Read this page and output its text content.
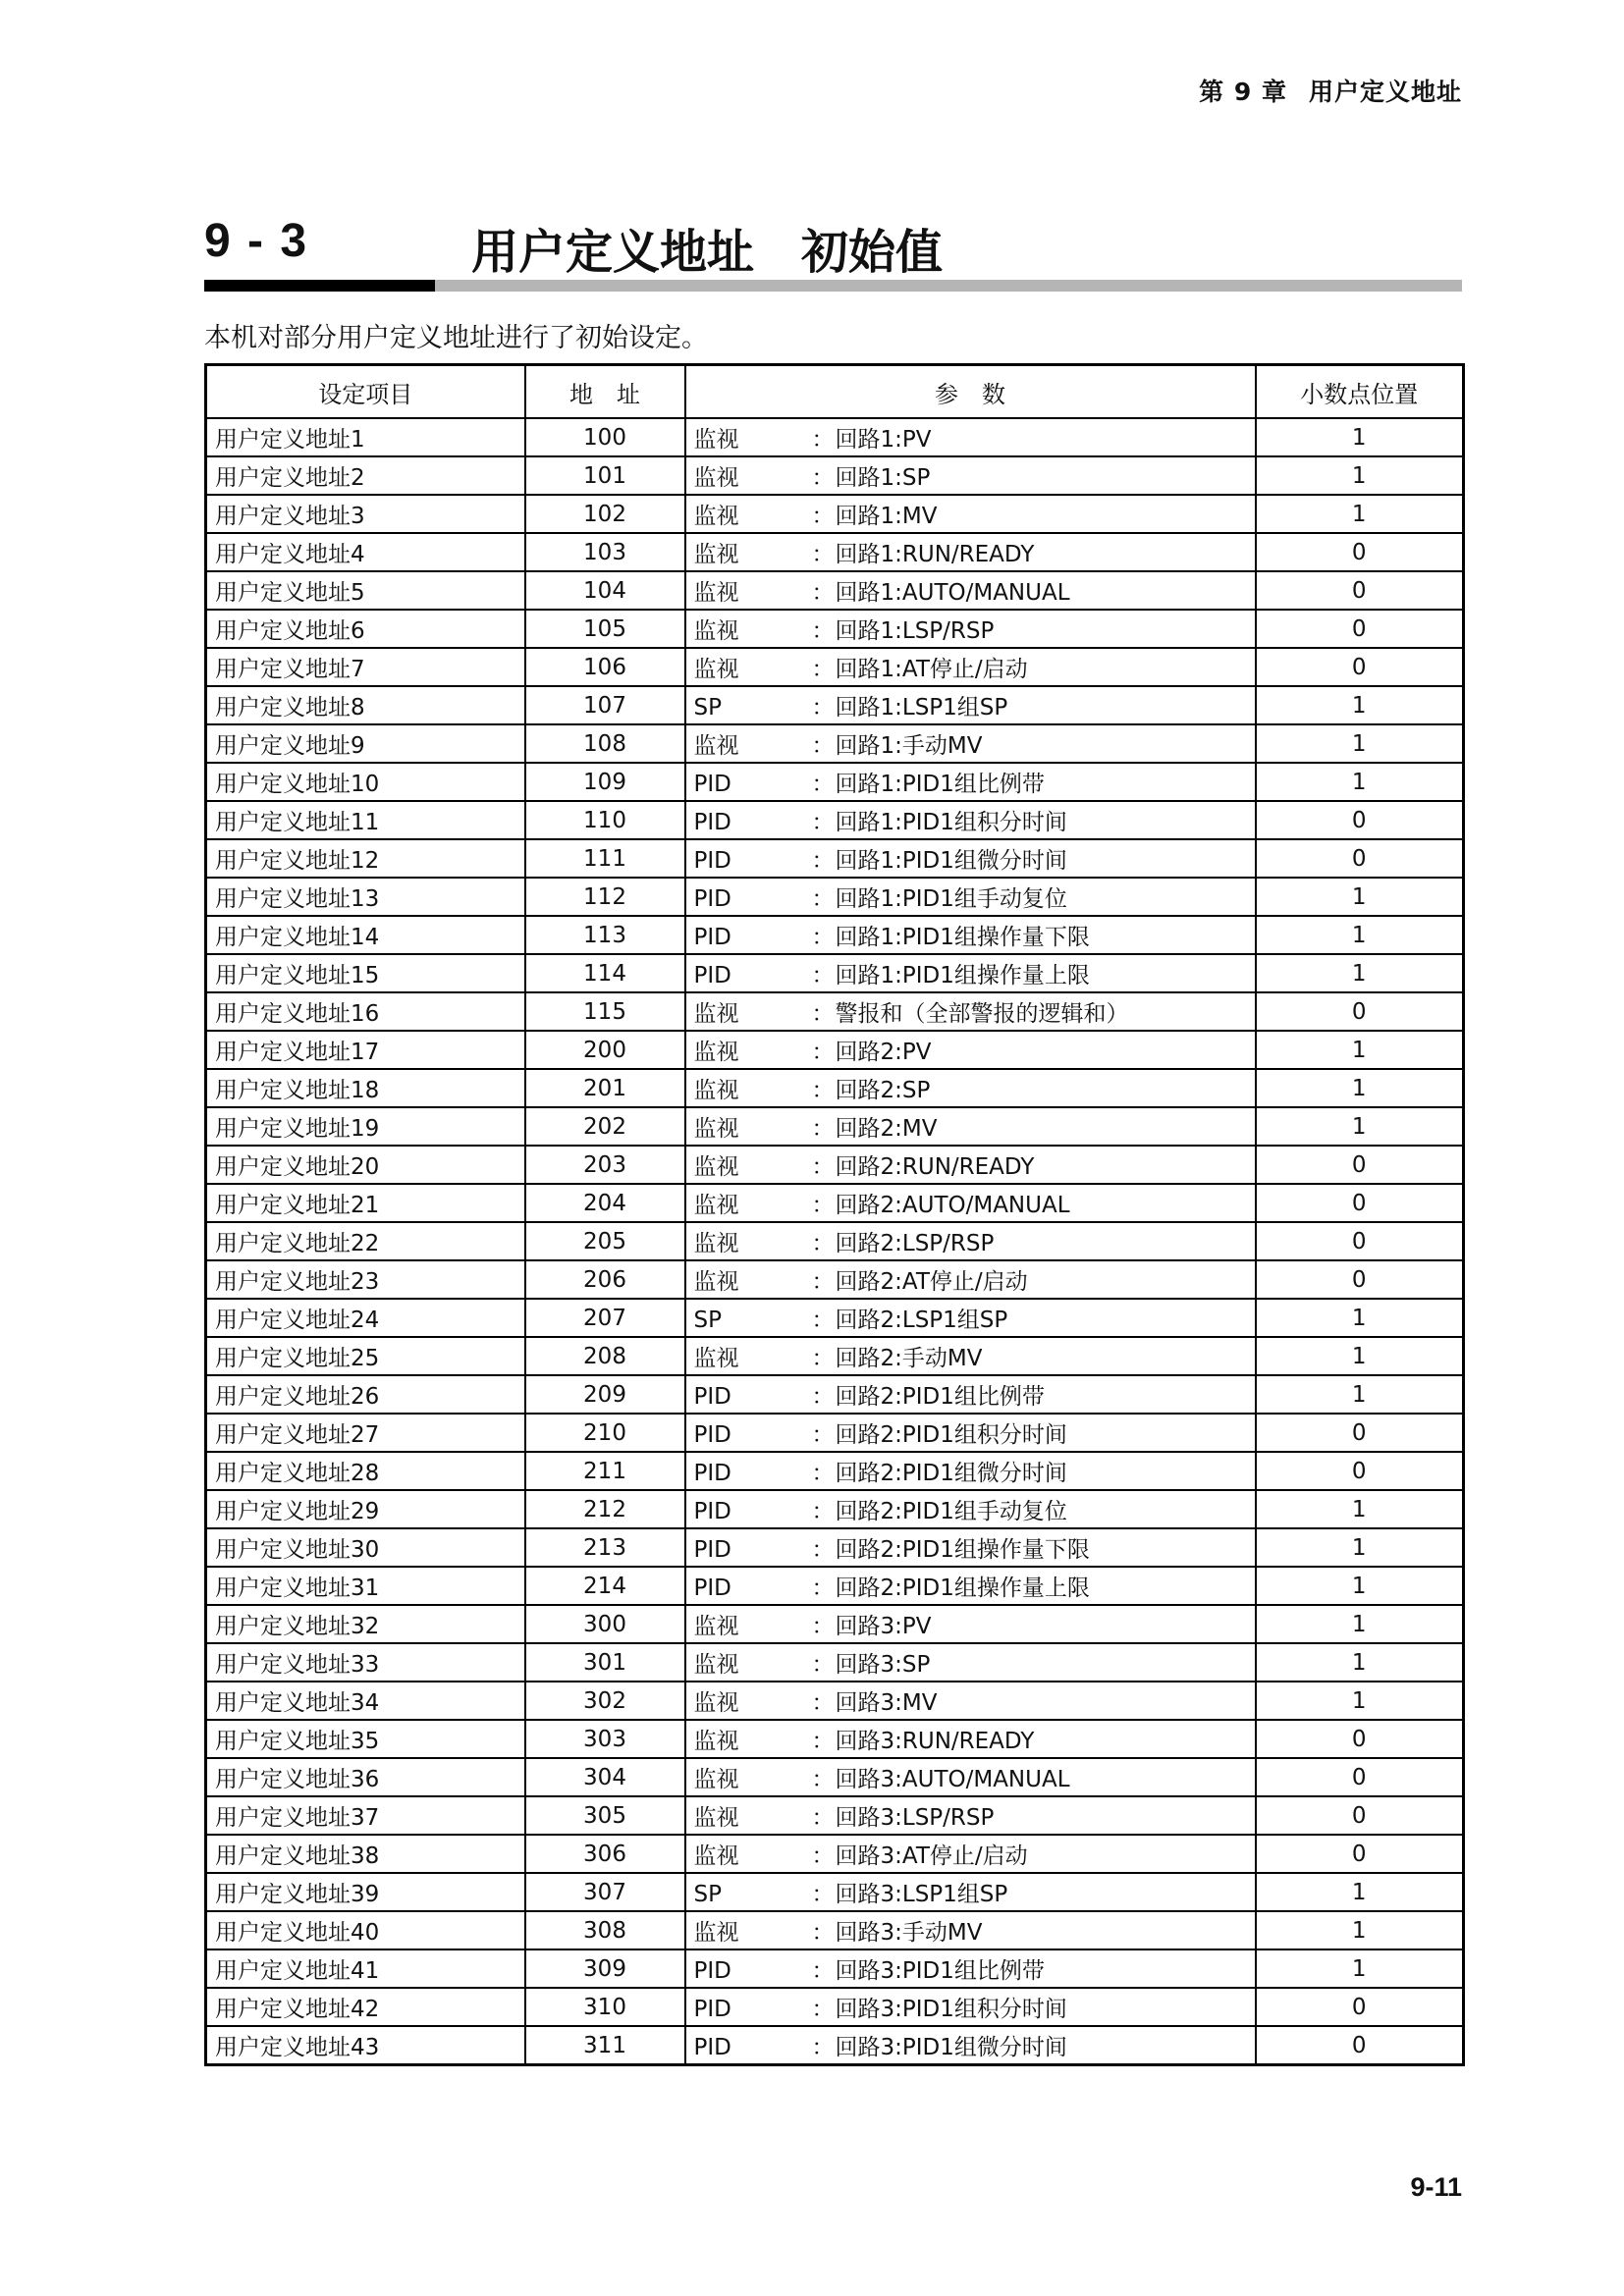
第 9 章 用户定义地址
9 - 3	用户定义地址　初始值
本机对部分用户定义地址进行了初始设定。
设定项目	地　址	参　数	小数点位置
用户定义地址1	100	监视 ：回路1:PV	1
用户定义地址2	101	监视 ：回路1:SP	1
用户定义地址3	102	监视 ：回路1:MV	1
用户定义地址4	103	监视 ：回路1:RUN/READY	0
用户定义地址5	104	监视 ：回路1:AUTO/MANUAL	0
用户定义地址6	105	监视 ：回路1:LSP/RSP	0
用户定义地址7	106	监视 ：回路1:AT停止/启动	0
用户定义地址8	107	SP ：回路1:LSP1组SP	1
用户定义地址9	108	监视 ：回路1:手动MV	1
用户定义地址10	109	PID ：回路1:PID1组比例带	1
用户定义地址11	110	PID ：回路1:PID1组积分时间	0
用户定义地址12	111	PID ：回路1:PID1组微分时间	0
用户定义地址13	112	PID ：回路1:PID1组手动复位	1
用户定义地址14	113	PID ：回路1:PID1组操作量下限	1
用户定义地址15	114	PID ：回路1:PID1组操作量上限	1
用户定义地址16	115	监视 ：警报和（全部警报的逻辑和）	0
用户定义地址17	200	监视 ：回路2:PV	1
用户定义地址18	201	监视 ：回路2:SP	1
用户定义地址19	202	监视 ：回路2:MV	1
用户定义地址20	203	监视 ：回路2:RUN/READY	0
用户定义地址21	204	监视 ：回路2:AUTO/MANUAL	0
用户定义地址22	205	监视 ：回路2:LSP/RSP	0
用户定义地址23	206	监视 ：回路2:AT停止/启动	0
用户定义地址24	207	SP ：回路2:LSP1组SP	1
用户定义地址25	208	监视 ：回路2:手动MV	1
用户定义地址26	209	PID ：回路2:PID1组比例带	1
用户定义地址27	210	PID ：回路2:PID1组积分时间	0
用户定义地址28	211	PID ：回路2:PID1组微分时间	0
用户定义地址29	212	PID ：回路2:PID1组手动复位	1
用户定义地址30	213	PID ：回路2:PID1组操作量下限	1
用户定义地址31	214	PID ：回路2:PID1组操作量上限	1
用户定义地址32	300	监视 ：回路3:PV	1
用户定义地址33	301	监视 ：回路3:SP	1
用户定义地址34	302	监视 ：回路3:MV	1
用户定义地址35	303	监视 ：回路3:RUN/READY	0
用户定义地址36	304	监视 ：回路3:AUTO/MANUAL	0
用户定义地址37	305	监视 ：回路3:LSP/RSP	0
用户定义地址38	306	监视 ：回路3:AT停止/启动	0
用户定义地址39	307	SP ：回路3:LSP1组SP	1
用户定义地址40	308	监视 ：回路3:手动MV	1
用户定义地址41	309	PID ：回路3:PID1组比例带	1
用户定义地址42	310	PID ：回路3:PID1组积分时间	0
用户定义地址43	311	PID ：回路3:PID1组微分时间	0
9-11
